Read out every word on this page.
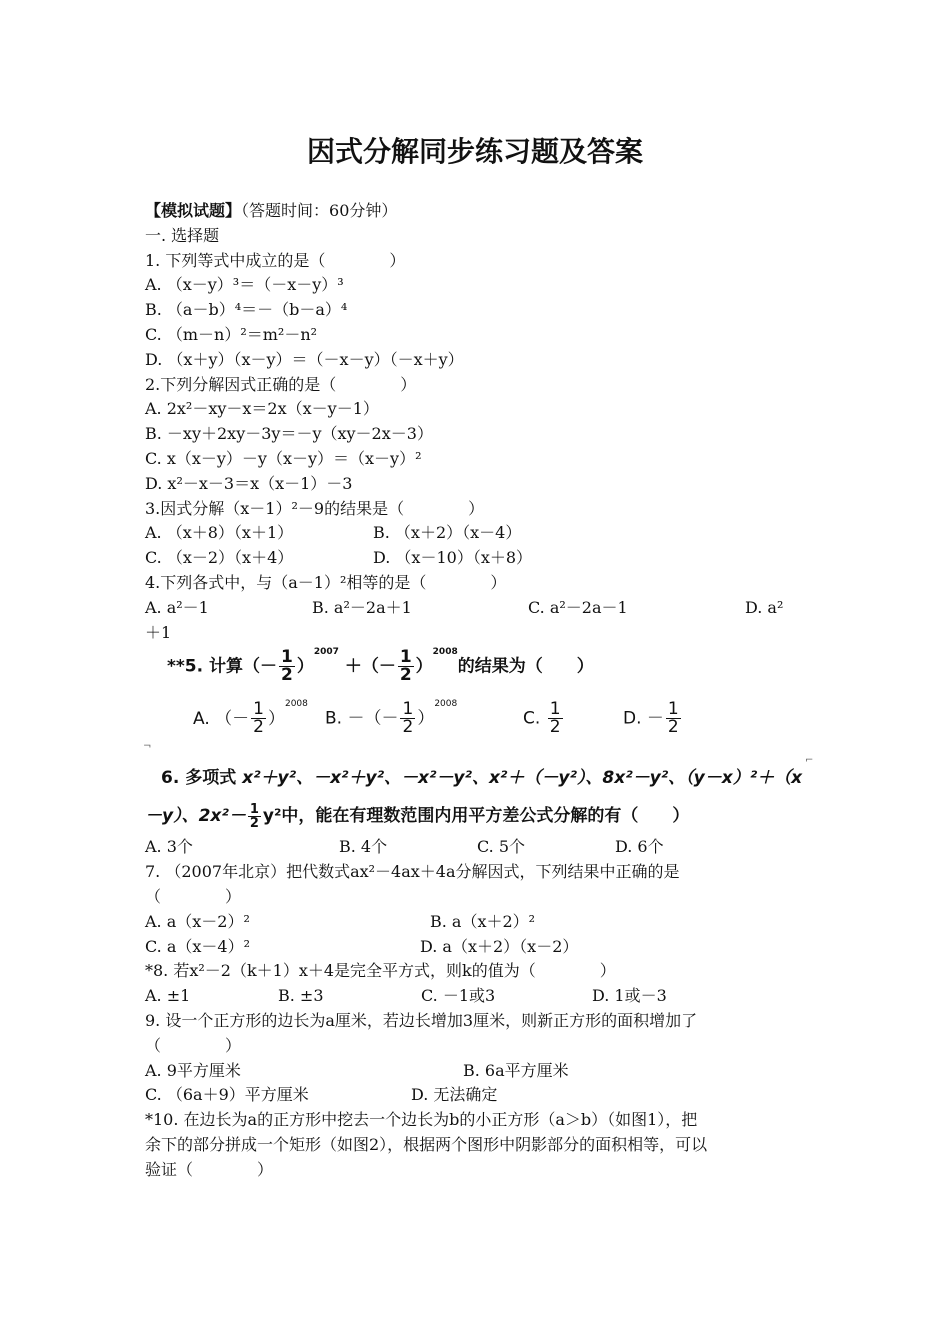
因式分解同步练习题及答案
【模拟试题】（答题时间：60分钟）
一. 选择题
1. 下列等式中成立的是（　　　　）
A. （x－y）³＝（－x－y）³
B. （a－b）⁴＝－（b－a）⁴
C. （m－n）²＝m²－n²
D. （x＋y）（x－y）＝（－x－y）（－x＋y）
2.下列分解因式正确的是（　　　　）
A. 2x²－xy－x＝2x（x－y－1）
B. －xy＋2xy－3y＝－y（xy－2x－3）
C. x（x－y）－y（x－y）＝（x－y）²
D. x²－x－3＝x（x－1）－3
3.因式分解（x－1）²－9的结果是（　　　　）
A. （x＋8）（x＋1）	B. （x＋2）（x－4）
C. （x－2）（x＋4）	D. （x－10）（x＋8）
4.下列各式中，与（a－1）²相等的是（　　　　）
A. a²－1	B. a²－2a＋1	C. a²－2a－1	D. a²
＋1
**5. 计算（－ $\frac{1}{2} )^{2007}$ ＋（－ $\frac{1}{2} )^{2008}$的结果为（　　）
A. （－ $\frac{1}{2} )^{2008}$
B. －（－ $\frac{1}{2} )^{2008}$
C. $\frac{1}{2}$	D. － $\frac{1}{2}$
¬
6. 多项式 x²＋y²、－x²＋y²、－x²－y²、x²＋（－y²）、8x²－y²、（y－x）²＋（x
－y）、$2x^2- \frac{1}{2} y^2$中，能在有理数范围内用平方差公式分解的有（　　）
⌐
A. 3个	B. 4个	C. 5个	D. 6个
7. （2007年北京）把代数式ax²－4ax＋4a分解因式，下列结果中正确的是
（　　　　）
A. a（x－2）²	B. a（x＋2）²
C. a（x－4）²	D. a（x＋2）（x－2）
*8. 若x²－2（k＋1）x＋4是完全平方式，则k的值为（　　　　）
A. ±1	B. ±3	C. －1或3	D. 1或－3
9. 设一个正方形的边长为a厘米，若边长增加3厘米，则新正方形的面积增加了
（　　　　）
A. 9平方厘米	B. 6a平方厘米
C. （6a＋9）平方厘米	D. 无法确定
*10. 在边长为a的正方形中挖去一个边长为b的小正方形（a＞b）（如图1），把
余下的部分拼成一个矩形（如图2），根据两个图形中阴影部分的面积相等，可以
验证（　　　　）
